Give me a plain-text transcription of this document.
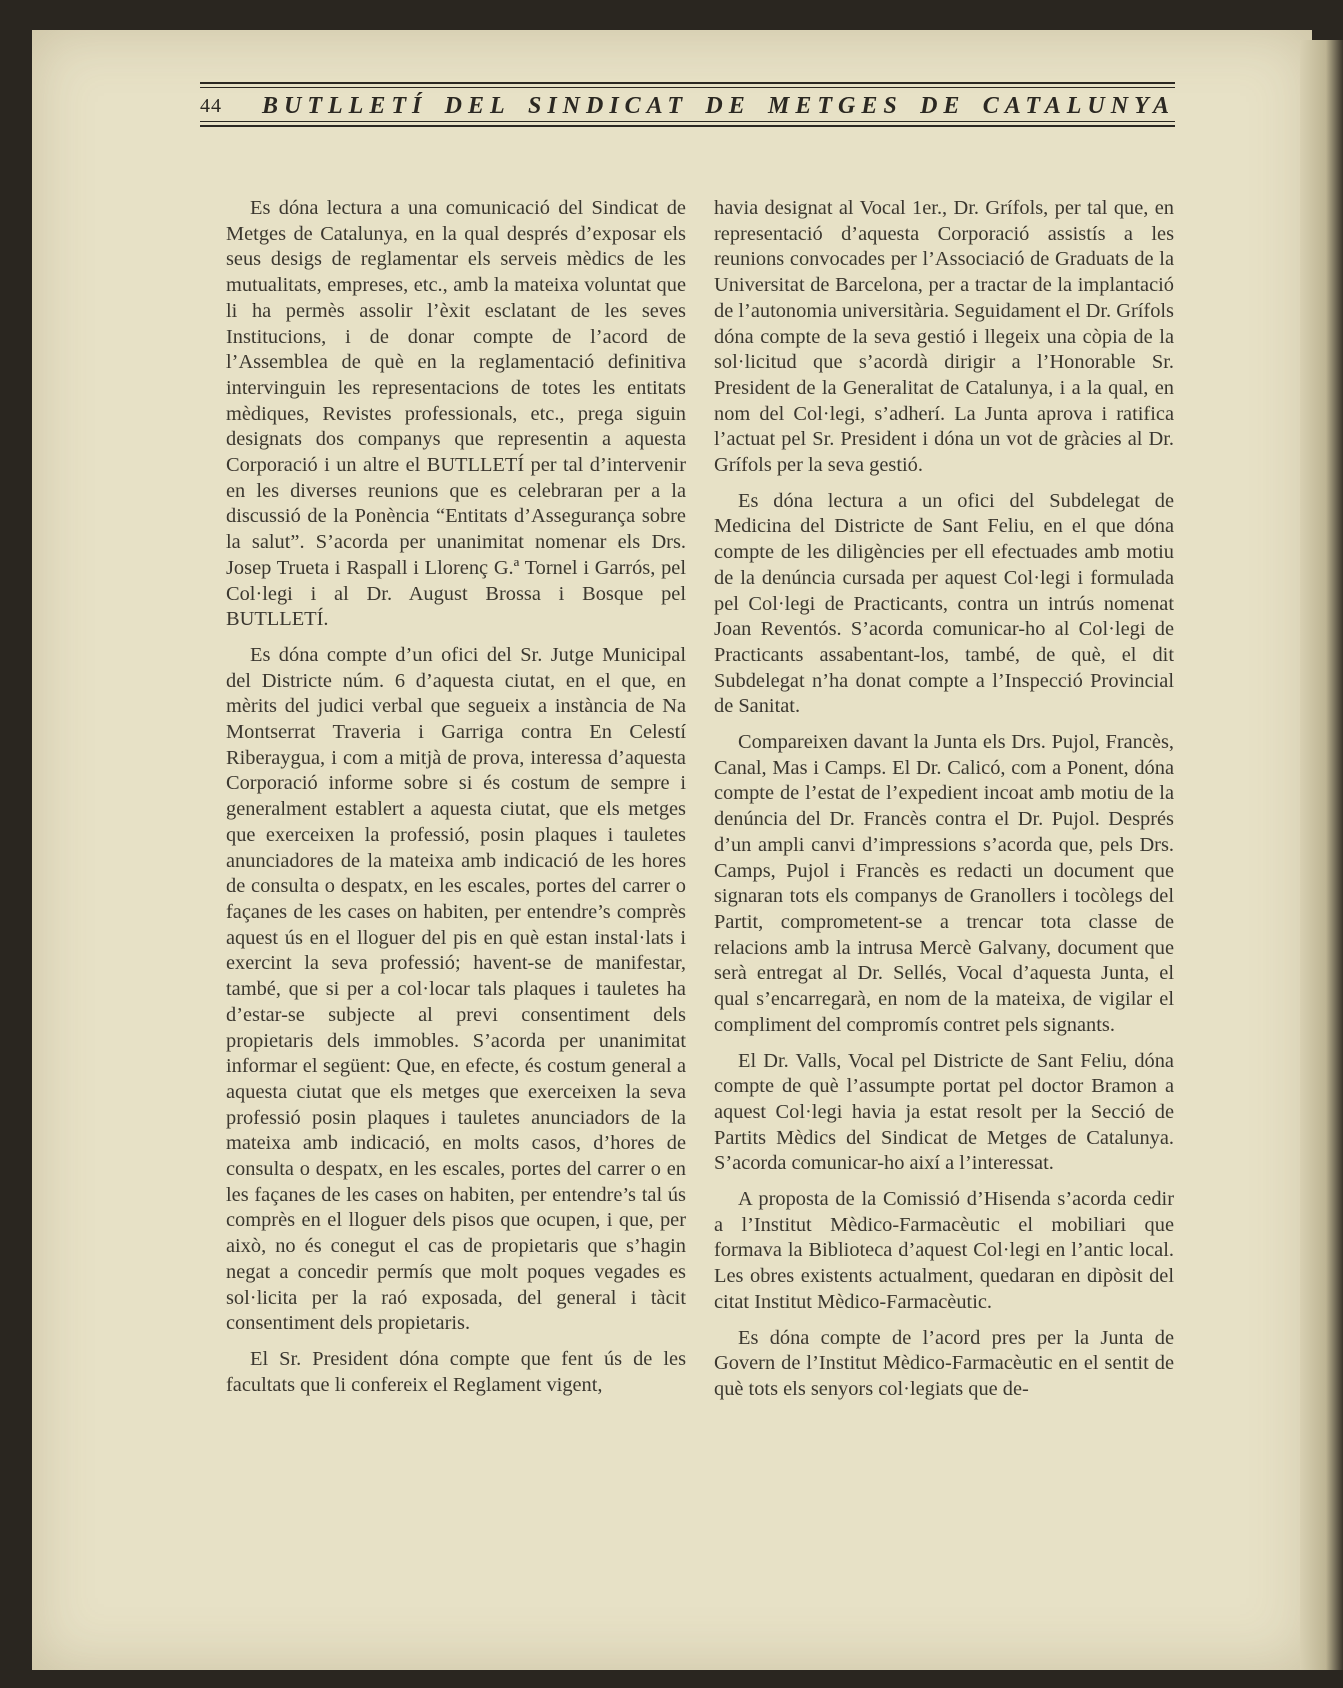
44 BUTLLETÍ DEL SINDICAT DE METGES DE CATALUNYA

Es dóna lectura a una comunicació del Sindicat de Metges de Catalunya, en la qual després d’exposar els seus desigs de reglamentar els serveis mèdics de les mutualitats, empreses, etc., amb la mateixa voluntat que li ha permès assolir l’èxit esclatant de les seves Institucions, i de donar compte de l’acord de l’Assemblea de què en la reglamentació definitiva intervinguin les representacions de totes les entitats mèdiques, Revistes professionals, etc., prega siguin designats dos companys que representin a aquesta Corporació i un altre el BUTLLETÍ per tal d’intervenir en les diverses reunions que es celebraran per a la discussió de la Ponència “Entitats d’Assegurança sobre la salut”. S’acorda per unanimitat nomenar els Drs. Josep Trueta i Raspall i Llorenç G.ª Tornel i Garrós, pel Col·legi i al Dr. August Brossa i Bosque pel BUTLLETÍ.

Es dóna compte d’un ofici del Sr. Jutge Municipal del Districte núm. 6 d’aquesta ciutat, en el que, en mèrits del judici verbal que segueix a instància de Na Montserrat Traveria i Garriga contra En Celestí Riberaygua, i com a mitjà de prova, interessa d’aquesta Corporació informe sobre si és costum de sempre i generalment establert a aquesta ciutat, que els metges que exerceixen la professió, posin plaques i tauletes anunciadores de la mateixa amb indicació de les hores de consulta o despatx, en les escales, portes del carrer o façanes de les cases on habiten, per entendre’s comprès aquest ús en el lloguer del pis en què estan instal·lats i exercint la seva professió; havent-se de manifestar, també, que si per a col·locar tals plaques i tauletes ha d’estar-se subjecte al previ consentiment dels propietaris dels immobles. S’acorda per unanimitat informar el següent: Que, en efecte, és costum general a aquesta ciutat que els metges que exerceixen la seva professió posin plaques i tauletes anunciadors de la mateixa amb indicació, en molts casos, d’hores de consulta o despatx, en les escales, portes del carrer o en les façanes de les cases on habiten, per entendre’s tal ús comprès en el lloguer dels pisos que ocupen, i que, per això, no és conegut el cas de propietaris que s’hagin negat a concedir permís que molt poques vegades es sol·licita per la raó exposada, del general i tàcit consentiment dels propietaris.

El Sr. President dóna compte que fent ús de les facultats que li confereix el Reglament vigent,

havia designat al Vocal 1er., Dr. Grífols, per tal que, en representació d’aquesta Corporació assistís a les reunions convocades per l’Associació de Graduats de la Universitat de Barcelona, per a tractar de la implantació de l’autonomia universitària. Seguidament el Dr. Grífols dóna compte de la seva gestió i llegeix una còpia de la sol·licitud que s’acordà dirigir a l’Honorable Sr. President de la Generalitat de Catalunya, i a la qual, en nom del Col·legi, s’adherí. La Junta aprova i ratifica l’actuat pel Sr. President i dóna un vot de gràcies al Dr. Grífols per la seva gestió.

Es dóna lectura a un ofici del Subdelegat de Medicina del Districte de Sant Feliu, en el que dóna compte de les diligències per ell efectuades amb motiu de la denúncia cursada per aquest Col·legi i formulada pel Col·legi de Practicants, contra un intrús nomenat Joan Reventós. S’acorda comunicar-ho al Col·legi de Practicants assabentant-los, també, de què, el dit Subdelegat n’ha donat compte a l’Inspecció Provincial de Sanitat.

Compareixen davant la Junta els Drs. Pujol, Francès, Canal, Mas i Camps. El Dr. Calicó, com a Ponent, dóna compte de l’estat de l’expedient incoat amb motiu de la denúncia del Dr. Francès contra el Dr. Pujol. Després d’un ampli canvi d’impressions s’acorda que, pels Drs. Camps, Pujol i Francès es redacti un document que signaran tots els companys de Granollers i tocòlegs del Partit, comprometent-se a trencar tota classe de relacions amb la intrusa Mercè Galvany, document que serà entregat al Dr. Sellés, Vocal d’aquesta Junta, el qual s’encarregarà, en nom de la mateixa, de vigilar el compliment del compromís contret pels signants.

El Dr. Valls, Vocal pel Districte de Sant Feliu, dóna compte de què l’assumpte portat pel doctor Bramon a aquest Col·legi havia ja estat resolt per la Secció de Partits Mèdics del Sindicat de Metges de Catalunya. S’acorda comunicar-ho així a l’interessat.

A proposta de la Comissió d’Hisenda s’acorda cedir a l’Institut Mèdico-Farmacèutic el mobiliari que formava la Biblioteca d’aquest Col·legi en l’antic local. Les obres existents actualment, quedaran en dipòsit del citat Institut Mèdico-Farmacèutic.

Es dóna compte de l’acord pres per la Junta de Govern de l’Institut Mèdico-Farmacèutic en el sentit de què tots els senyors col·legiats que de-
